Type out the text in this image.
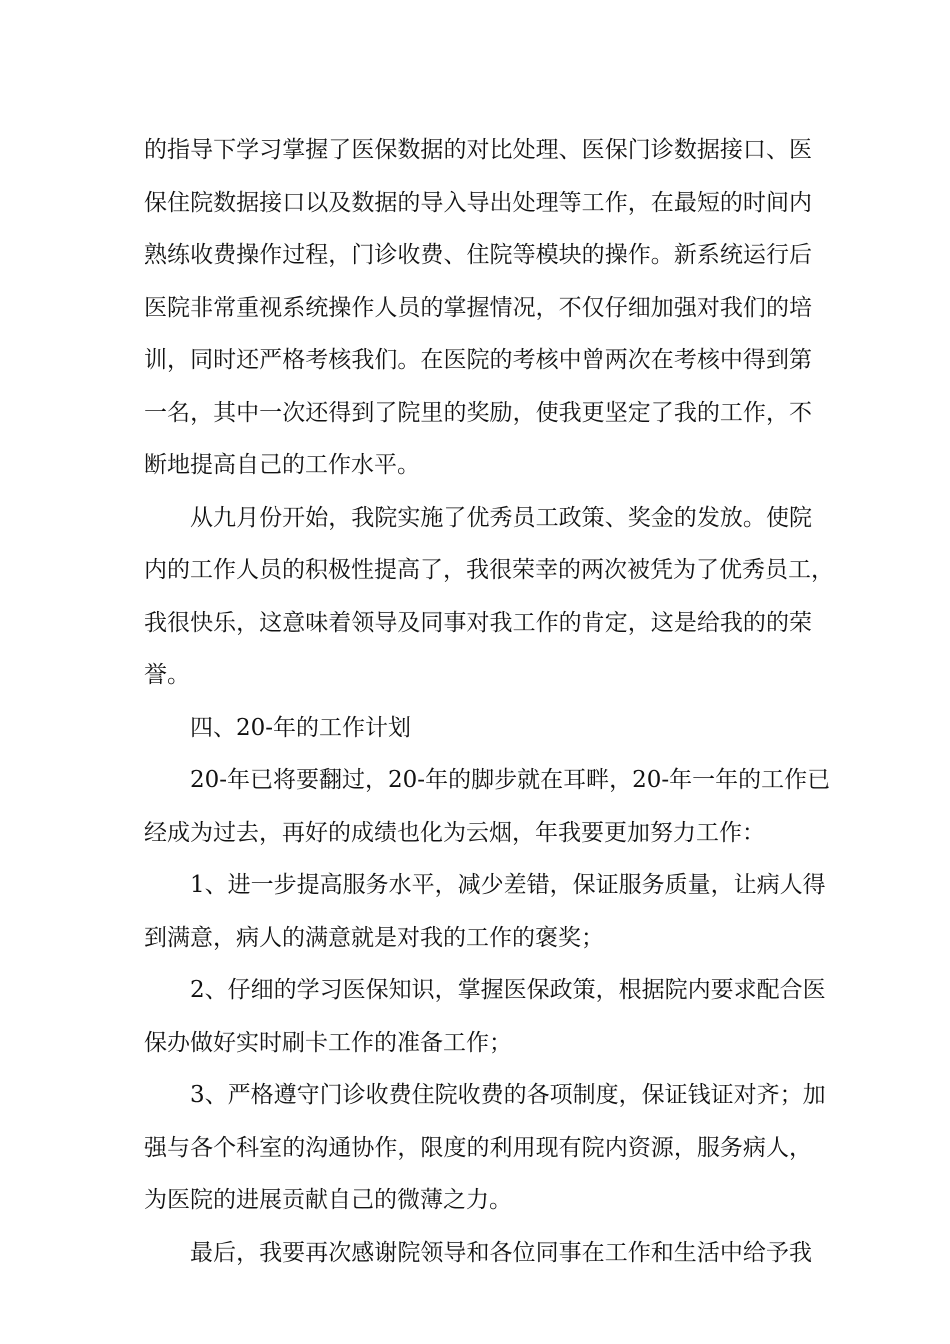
的指导下学习掌握了医保数据的对比处理、医保门诊数据接口、医
保住院数据接口以及数据的导入导出处理等工作，在最短的时间内
熟练收费操作过程，门诊收费、住院等模块的操作。新系统运行后
医院非常重视系统操作人员的掌握情况，不仅仔细加强对我们的培
训，同时还严格考核我们。在医院的考核中曾两次在考核中得到第
一名，其中一次还得到了院里的奖励，使我更坚定了我的工作，不
断地提高自己的工作水平。
从九月份开始，我院实施了优秀员工政策、奖金的发放。使院
内的工作人员的积极性提高了，我很荣幸的两次被凭为了优秀员工，
我很快乐，这意味着领导及同事对我工作的肯定，这是给我的的荣
誉。
四、20-年的工作计划
20-年已将要翻过，20-年的脚步就在耳畔，20-年一年的工作已
经成为过去，再好的成绩也化为云烟，年我要更加努力工作：
1、进一步提高服务水平，减少差错，保证服务质量，让病人得
到满意，病人的满意就是对我的工作的褒奖；
2、仔细的学习医保知识，掌握医保政策，根据院内要求配合医
保办做好实时刷卡工作的准备工作；
3、严格遵守门诊收费住院收费的各项制度，保证钱证对齐；加
强与各个科室的沟通协作，限度的利用现有院内资源，服务病人，
为医院的进展贡献自己的微薄之力。
最后，我要再次感谢院领导和各位同事在工作和生活中给予我
